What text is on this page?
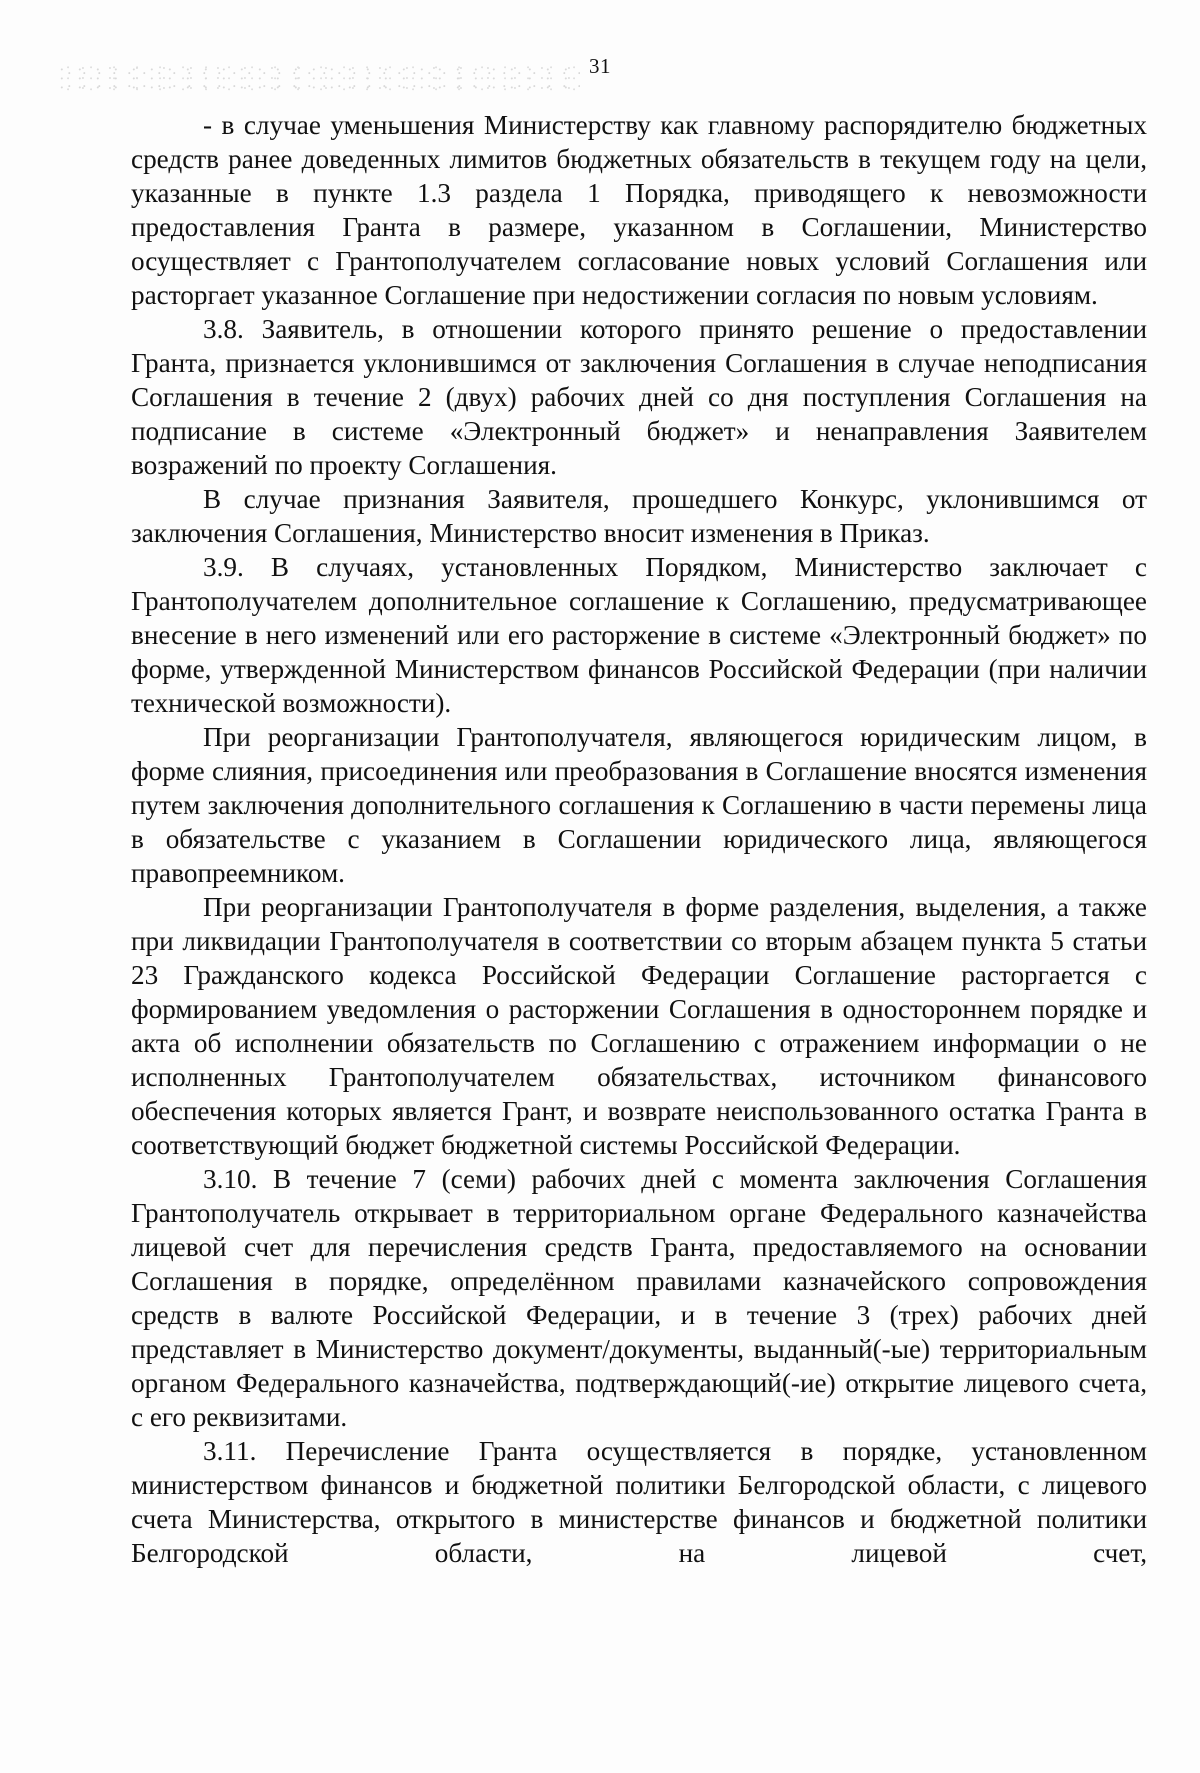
31

- в случае уменьшения Министерству как главному распорядителю бюджетных средств ранее доведенных лимитов бюджетных обязательств в текущем году на цели, указанные в пункте 1.3 раздела 1 Порядка, приводящего к невозможности предоставления Гранта в размере, указанном в Соглашении, Министерство осуществляет с Грантополучателем согласование новых условий Соглашения или расторгает указанное Соглашение при недостижении согласия по новым условиям.

3.8. Заявитель, в отношении которого принято решение о предоставлении Гранта, признается уклонившимся от заключения Соглашения в случае неподписания Соглашения в течение 2 (двух) рабочих дней со дня поступления Соглашения на подписание в системе «Электронный бюджет» и ненаправления Заявителем возражений по проекту Соглашения.

В случае признания Заявителя, прошедшего Конкурс, уклонившимся от заключения Соглашения, Министерство вносит изменения в Приказ.

3.9. В случаях, установленных Порядком, Министерство заключает с Грантополучателем дополнительное соглашение к Соглашению, предусматривающее внесение в него изменений или его расторжение в системе «Электронный бюджет» по форме, утвержденной Министерством финансов Российской Федерации (при наличии технической возможности).

При реорганизации Грантополучателя, являющегося юридическим лицом, в форме слияния, присоединения или преобразования в Соглашение вносятся изменения путем заключения дополнительного соглашения к Соглашению в части перемены лица в обязательстве с указанием в Соглашении юридического лица, являющегося правопреемником.

При реорганизации Грантополучателя в форме разделения, выделения, а также при ликвидации Грантополучателя в соответствии со вторым абзацем пункта 5 статьи 23 Гражданского кодекса Российской Федерации Соглашение расторгается с формированием уведомления о расторжении Соглашения в одностороннем порядке и акта об исполнении обязательств по Соглашению с отражением информации о не исполненных Грантополучателем обязательствах, источником финансового обеспечения которых является Грант, и возврате неиспользованного остатка Гранта в соответствующий бюджет бюджетной системы Российской Федерации.

3.10. В течение 7 (семи) рабочих дней с момента заключения Соглашения Грантополучатель открывает в территориальном органе Федерального казначейства лицевой счет для перечисления средств Гранта, предоставляемого на основании Соглашения в порядке, определённом правилами казначейского сопровождения средств в валюте Российской Федерации, и в течение 3 (трех) рабочих дней представляет в Министерство документ/документы, выданный(-ые) территориальным органом Федерального казначейства, подтверждающий(-ие) открытие лицевого счета, с его реквизитами.

3.11. Перечисление Гранта осуществляется в порядке, установленном министерством финансов и бюджетной политики Белгородской области, с лицевого счета Министерства, открытого в министерстве финансов и бюджетной политики Белгородской области, на лицевой счет,
